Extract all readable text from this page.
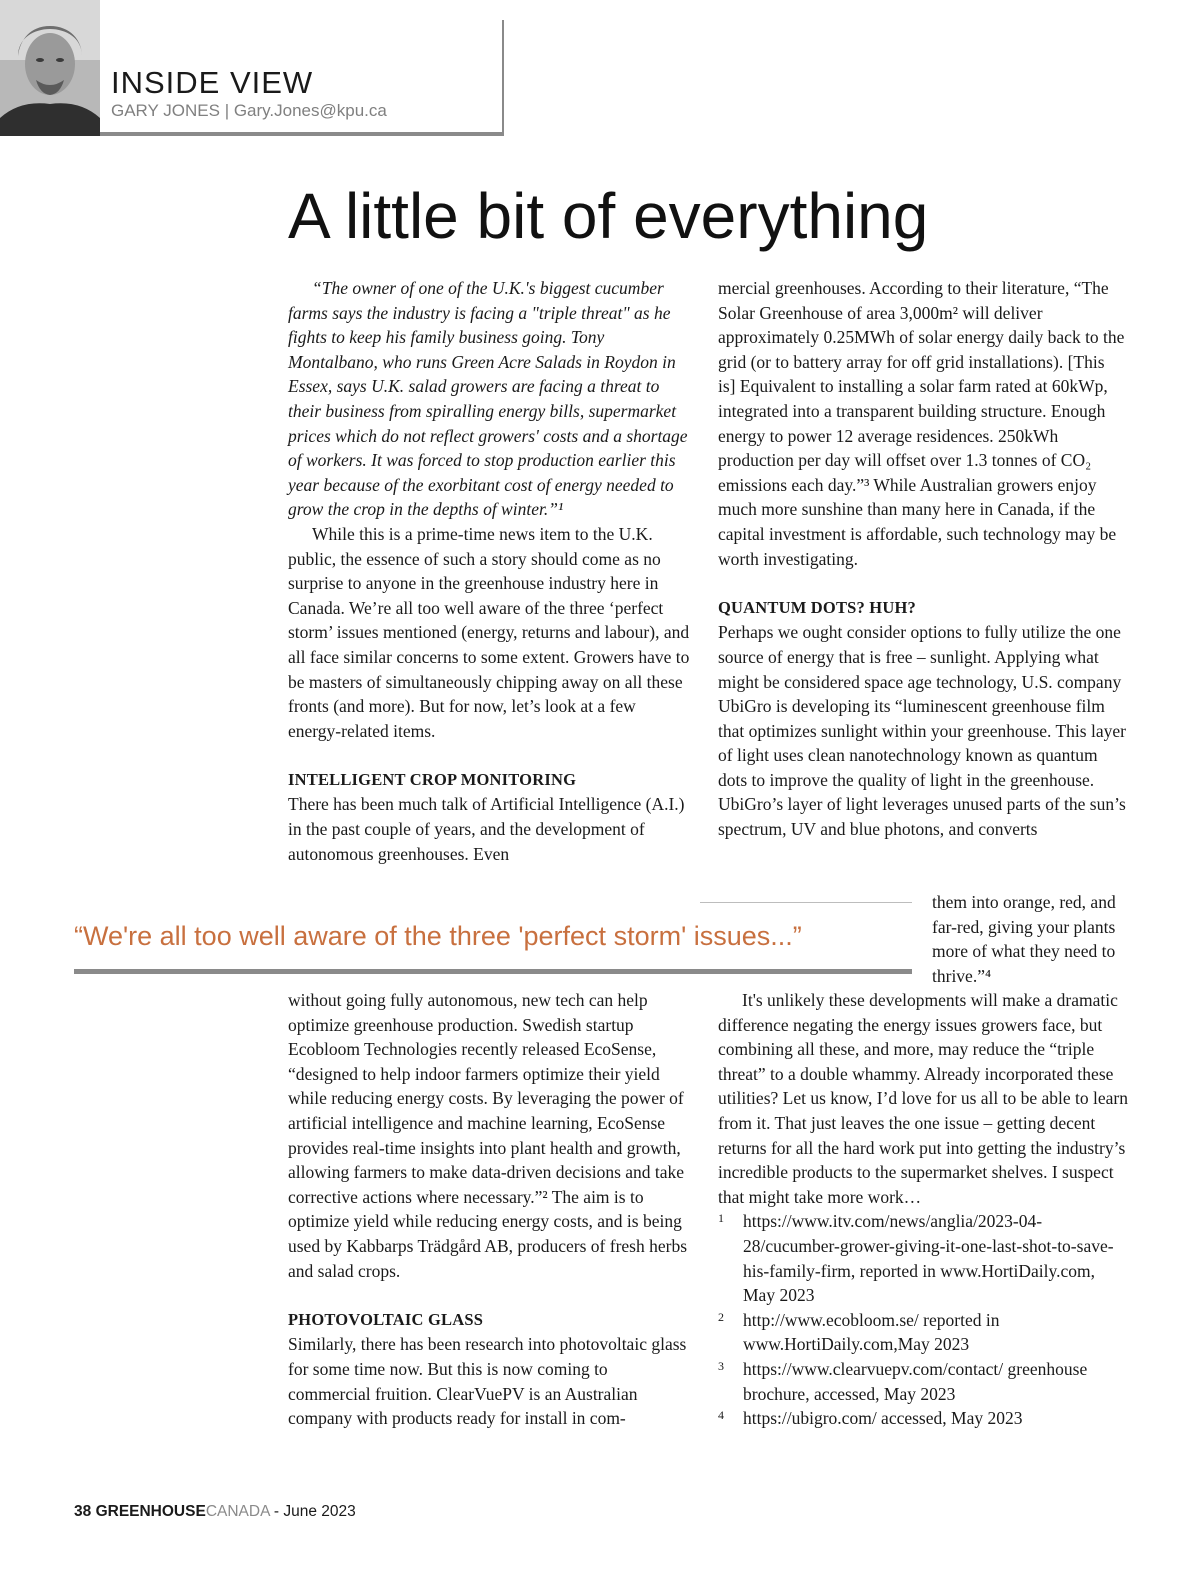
INSIDE VIEW
GARY JONES | Gary.Jones@kpu.ca
A little bit of everything

“The owner of one of the U.K.'s biggest cucumber farms says the industry is facing a "triple threat" as he fights to keep his family business going. Tony Montalbano, who runs Green Acre Salads in Roydon in Essex, says U.K. salad growers are facing a threat to their business from spiralling energy bills, supermarket prices which do not reflect growers' costs and a shortage of workers. It was forced to stop production earlier this year because of the exorbitant cost of energy needed to grow the crop in the depths of winter.”¹

While this is a prime-time news item to the U.K. public, the essence of such a story should come as no surprise to anyone in the greenhouse industry here in Canada. We’re all too well aware of the three ‘perfect storm’ issues mentioned (energy, returns and labour), and all face similar concerns to some extent. Growers have to be masters of simultaneously chipping away on all these fronts (and more). But for now, let’s look at a few energy-related items.

INTELLIGENT CROP MONITORING

There has been much talk of Artificial Intelligence (A.I.) in the past couple of years, and the development of autonomous greenhouses. Even

mercial greenhouses. According to their literature, “The Solar Greenhouse of area 3,000m² will deliver approximately 0.25MWh of solar energy daily back to the grid (or to battery array for off grid installations). [This is] Equivalent to installing a solar farm rated at 60kWp, integrated into a transparent building structure. Enough energy to power 12 average residences. 250kWh production per day will offset over 1.3 tonnes of CO₂ emissions each day.”³ While Australian growers enjoy much more sunshine than many here in Canada, if the capital investment is affordable, such technology may be worth investigating.

QUANTUM DOTS? HUH?

Perhaps we ought consider options to fully utilize the one source of energy that is free – sunlight. Applying what might be considered space age technology, U.S. company UbiGro is developing its “luminescent greenhouse film that optimizes sunlight within your greenhouse. This layer of light uses clean nanotechnology known as quantum dots to improve the quality of light in the greenhouse. UbiGro’s layer of light leverages unused parts of the sun’s spectrum, UV and blue photons, and converts

them into orange, red, and far-red, giving your plants more of what they need to thrive.”⁴

“We're all too well aware of the three 'perfect storm' issues...”

without going fully autonomous, new tech can help optimize greenhouse production. Swedish startup Ecobloom Technologies recently released EcoSense, “designed to help indoor farmers optimize their yield while reducing energy costs. By leveraging the power of artificial intelligence and machine learning, EcoSense provides real-time insights into plant health and growth, allowing farmers to make data-driven decisions and take corrective actions where necessary.”² The aim is to optimize yield while reducing energy costs, and is being used by Kabbarps Trädgård AB, producers of fresh herbs and salad crops.

PHOTOVOLTAIC GLASS

Similarly, there has been research into photovoltaic glass for some time now. But this is now coming to commercial fruition. ClearVuePV is an Australian company with products ready for install in com-

It's unlikely these developments will make a dramatic difference negating the energy issues growers face, but combining all these, and more, may reduce the “triple threat” to a double whammy. Already incorporated these utilities? Let us know, I’d love for us all to be able to learn from it. That just leaves the one issue – getting decent returns for all the hard work put into getting the industry’s incredible products to the supermarket shelves. I suspect that might take more work…

1	https://www.itv.com/news/anglia/2023-04-28/cucumber-grower-giving-it-one-last-shot-to-save-his-family-firm, reported in www.HortiDaily.com, May 2023
2	http://www.ecobloom.se/ reported in www.HortiDaily.com,May 2023
3	https://www.clearvuepv.com/contact/ greenhouse brochure, accessed, May 2023
4	https://ubigro.com/ accessed, May 2023
38 GREENHOUSECANADA - June 2023
